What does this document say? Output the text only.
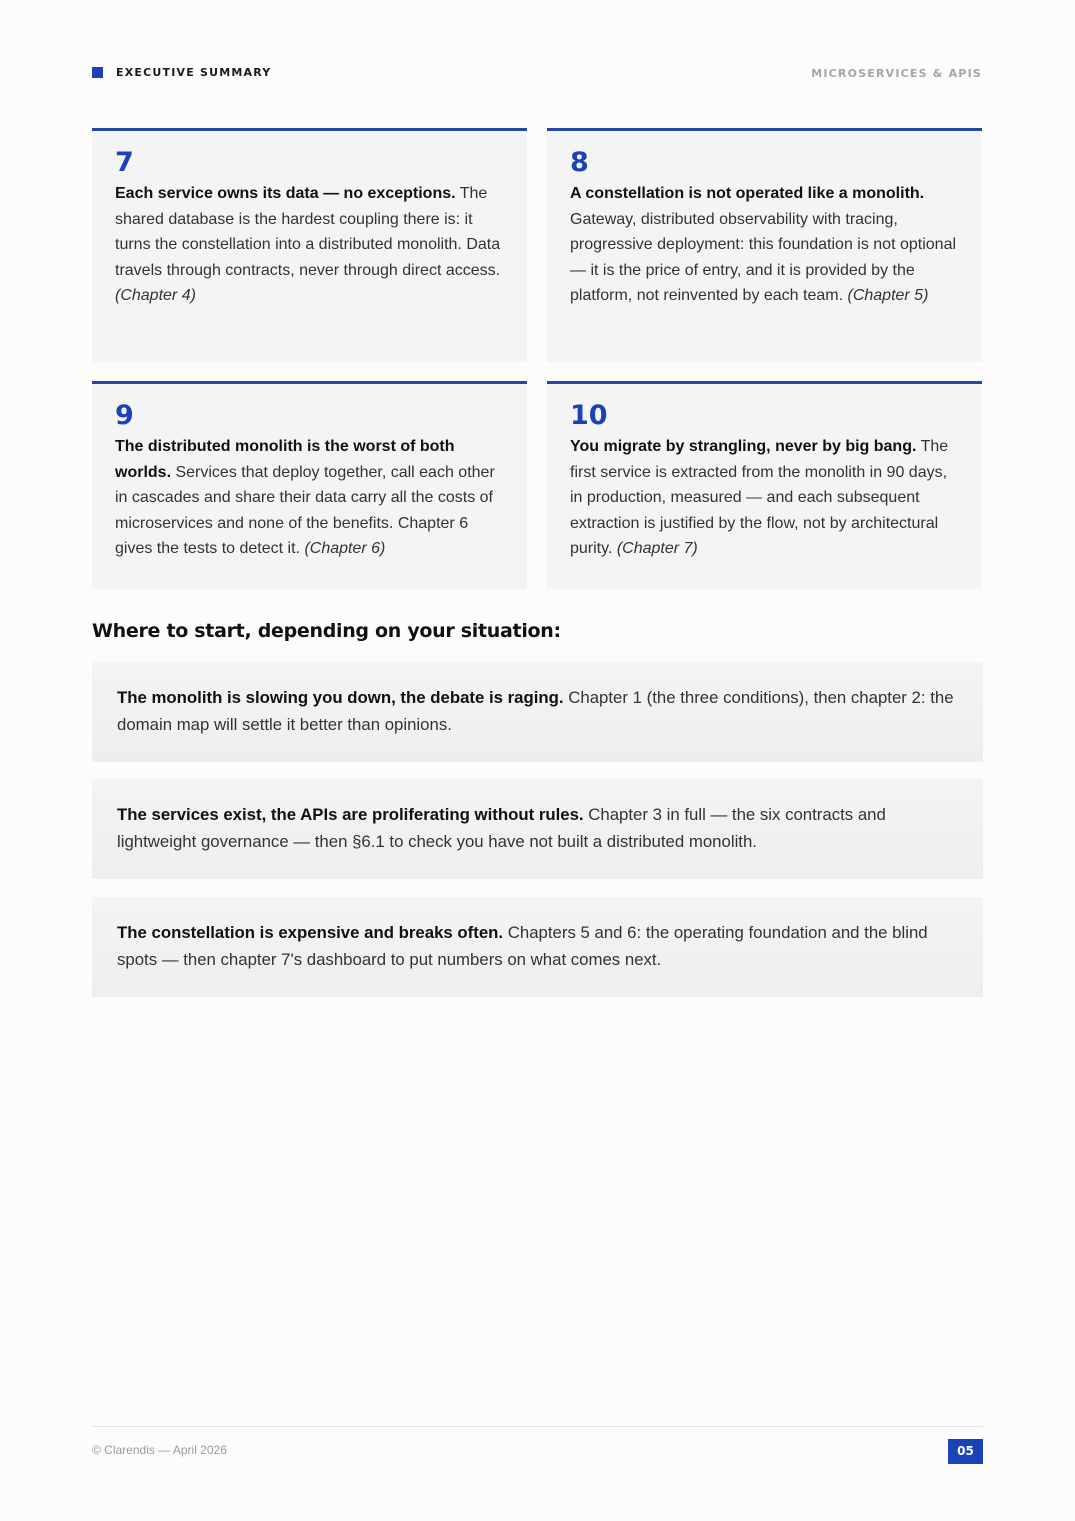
EXECUTIVE SUMMARY	MICROSERVICES & APIS
7
Each service owns its data — no exceptions. The shared database is the hardest coupling there is: it turns the constellation into a distributed monolith. Data travels through contracts, never through direct access. (Chapter 4)
8
A constellation is not operated like a monolith. Gateway, distributed observability with tracing, progressive deployment: this foundation is not optional — it is the price of entry, and it is provided by the platform, not reinvented by each team. (Chapter 5)
9
The distributed monolith is the worst of both worlds. Services that deploy together, call each other in cascades and share their data carry all the costs of microservices and none of the benefits. Chapter 6 gives the tests to detect it. (Chapter 6)
10
You migrate by strangling, never by big bang. The first service is extracted from the monolith in 90 days, in production, measured — and each subsequent extraction is justified by the flow, not by architectural purity. (Chapter 7)
Where to start, depending on your situation:
The monolith is slowing you down, the debate is raging. Chapter 1 (the three conditions), then chapter 2: the domain map will settle it better than opinions.
The services exist, the APIs are proliferating without rules. Chapter 3 in full — the six contracts and lightweight governance — then §6.1 to check you have not built a distributed monolith.
The constellation is expensive and breaks often. Chapters 5 and 6: the operating foundation and the blind spots — then chapter 7's dashboard to put numbers on what comes next.
© Clarendis — April 2026	05
